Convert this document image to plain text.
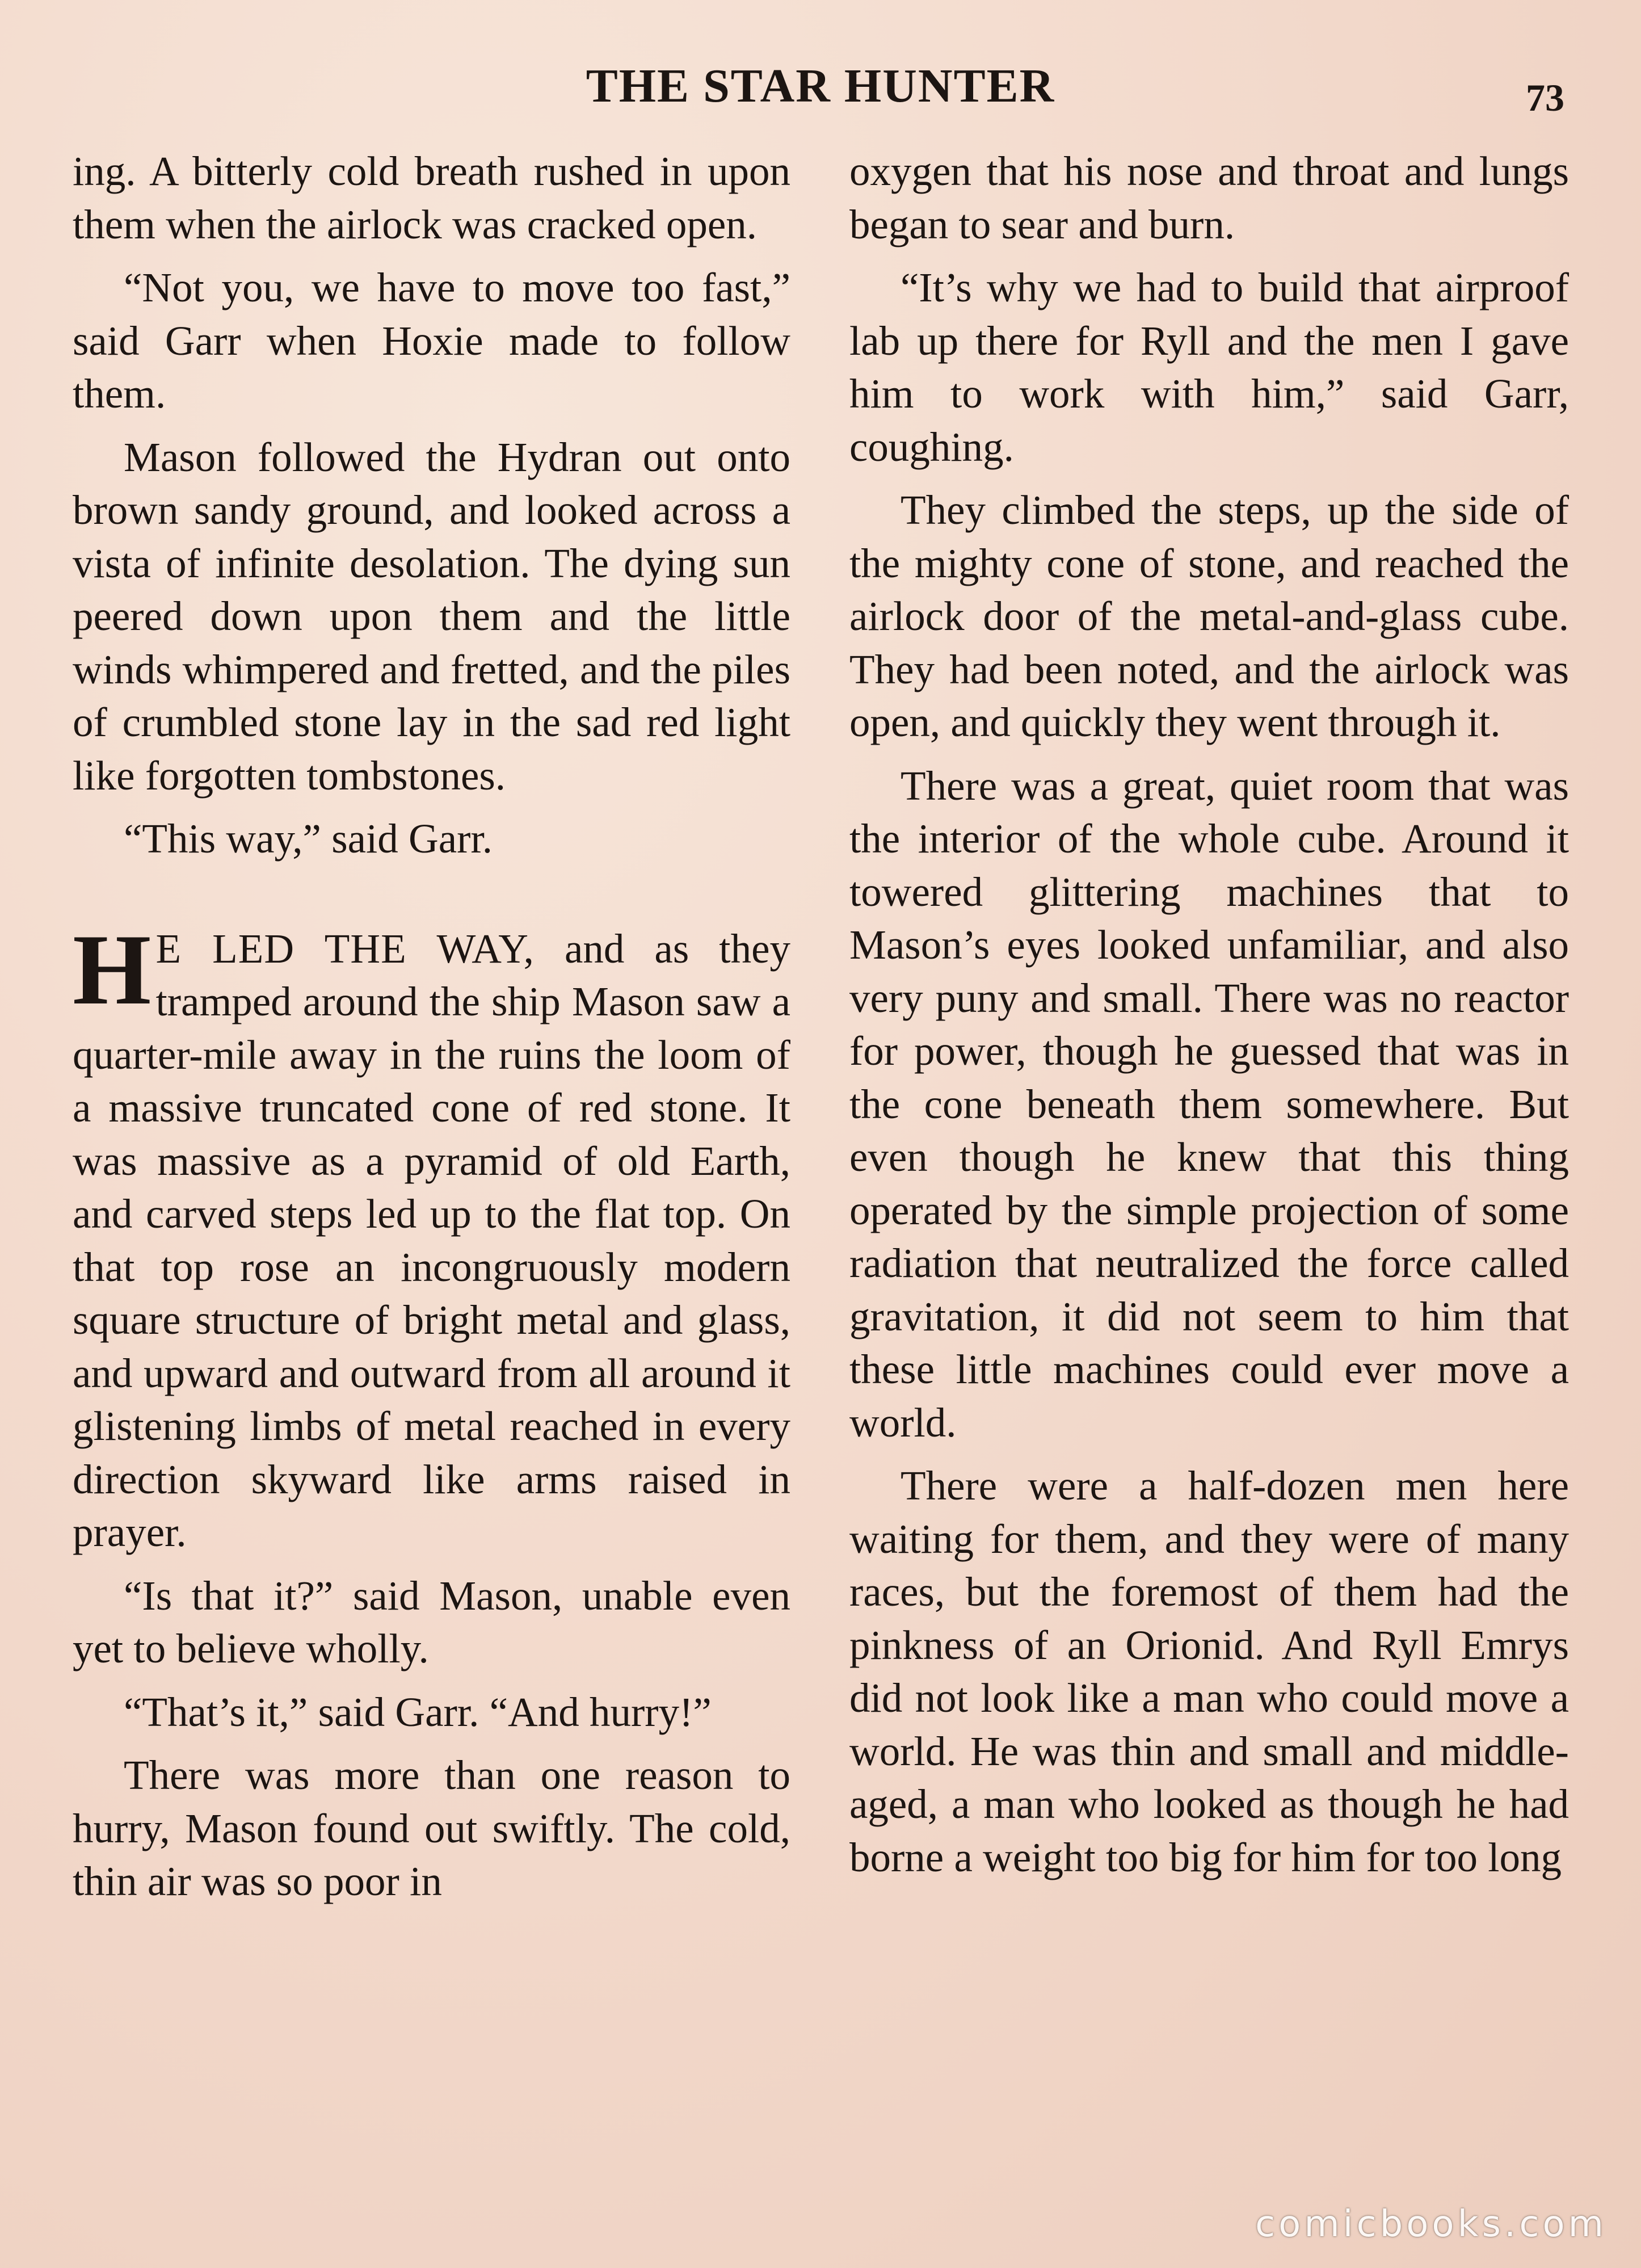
THE STAR HUNTER	73

ing. A bitterly cold breath rushed in upon them when the airlock was cracked open.

“Not you, we have to move too fast,” said Garr when Hoxie made to follow them.

Mason followed the Hydran out onto brown sandy ground, and looked across a vista of infinite desolation. The dying sun peered down upon them and the little winds whimpered and fretted, and the piles of crumbled stone lay in the sad red light like forgotten tombstones.

“This way,” said Garr.

H E LED THE WAY, and as they tramped around the ship Mason saw a quarter-mile away in the ruins the loom of a massive truncated cone of red stone. It was massive as a pyramid of old Earth, and carved steps led up to the flat top. On that top rose an incongruously modern square structure of bright metal and glass, and upward and outward from all around it glistening limbs of metal reached in every direction skyward like arms raised in prayer.

“Is that it?” said Mason, unable even yet to believe wholly.

“That’s it,” said Garr. “And hurry!”

There was more than one reason to hurry, Mason found out swiftly. The cold, thin air was so poor in

oxygen that his nose and throat and lungs began to sear and burn.

“It’s why we had to build that airproof lab up there for Ryll and the men I gave him to work with him,” said Garr, coughing.

They climbed the steps, up the side of the mighty cone of stone, and reached the airlock door of the metal-and-glass cube. They had been noted, and the airlock was open, and quickly they went through it.

There was a great, quiet room that was the interior of the whole cube. Around it towered glittering machines that to Mason’s eyes looked unfamiliar, and also very puny and small. There was no reactor for power, though he guessed that was in the cone beneath them somewhere. But even though he knew that this thing operated by the simple projection of some radiation that neutralized the force called gravitation, it did not seem to him that these little machines could ever move a world.

There were a half-dozen men here waiting for them, and they were of many races, but the foremost of them had the pinkness of an Orionid. And Ryll Emrys did not look like a man who could move a world. He was thin and small and middle-aged, a man who looked as though he had borne a weight too big for him for too long

comicbooks.com
